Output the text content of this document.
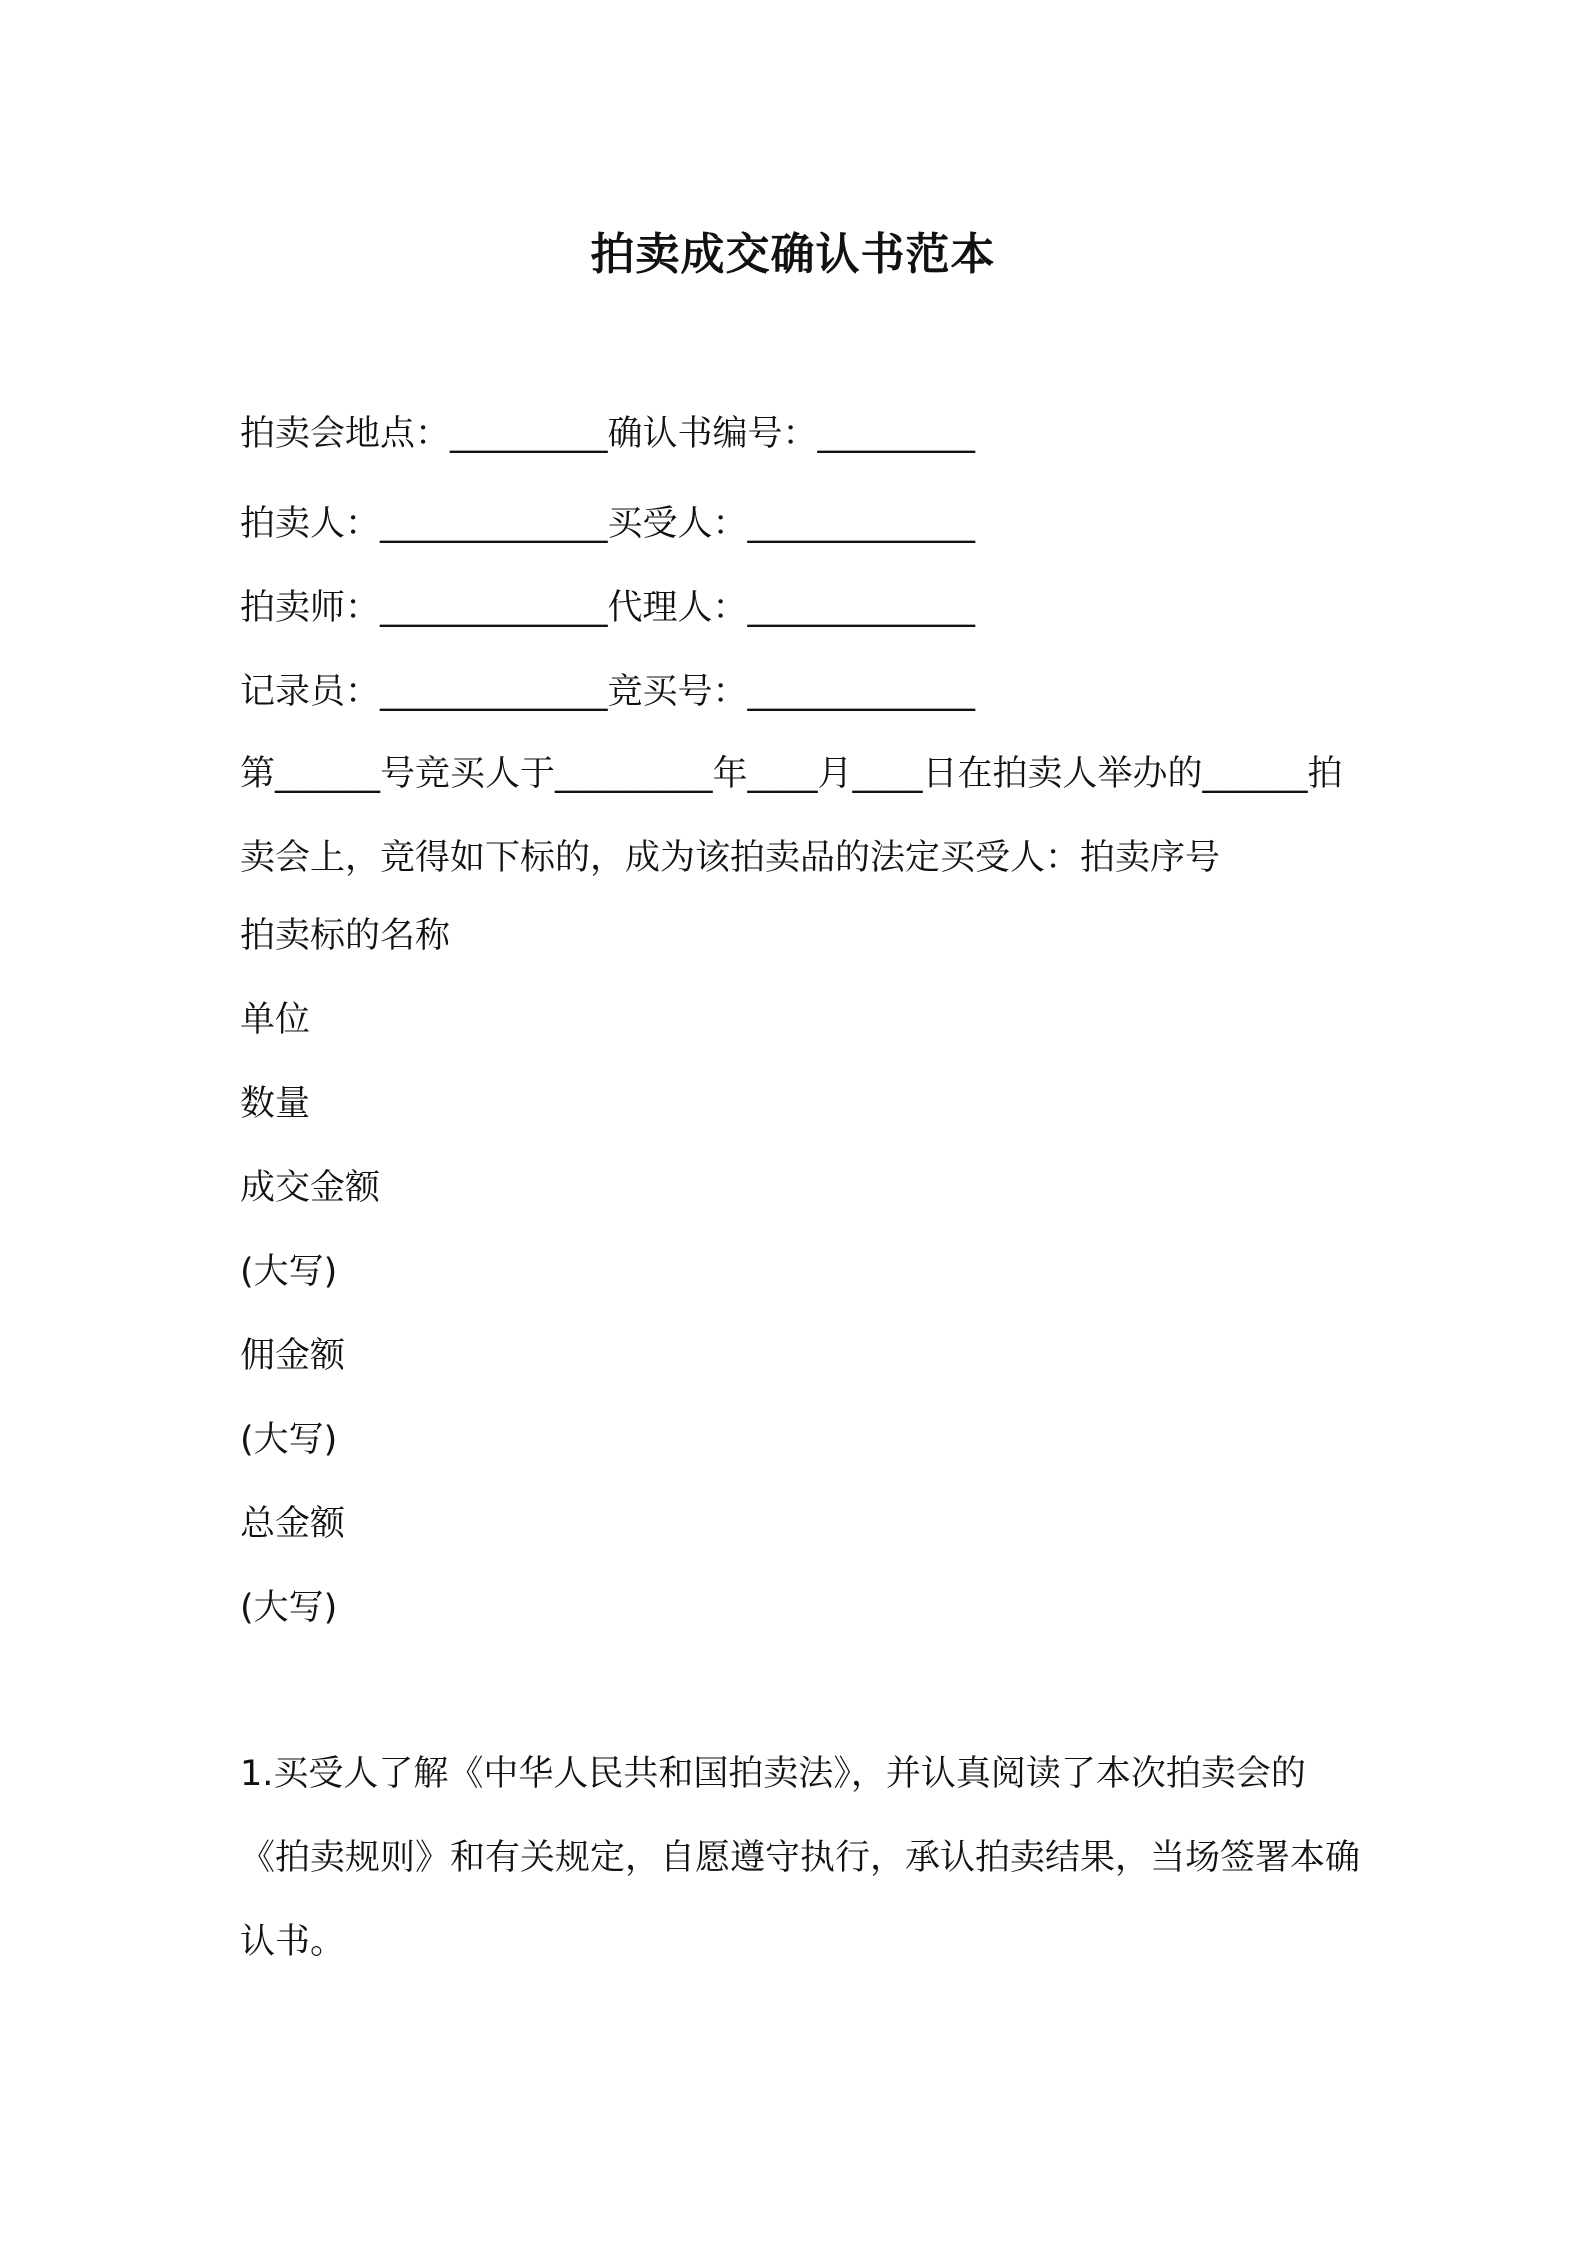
拍卖成交确认书范本
拍卖会地点：_________确认书编号：_________
拍卖人：_____________买受人：_____________
拍卖师：_____________代理人：_____________
记录员：_____________竞买号：_____________
第______号竞买人于_________年____月____日在拍卖人举办的______拍卖会上，竞得如下标的，成为该拍卖品的法定买受人：拍卖序号
拍卖标的名称
单位
数量
成交金额
(大写)
佣金额
(大写)
总金额
(大写)
1.买受人了解《中华人民共和国拍卖法》，并认真阅读了本次拍卖会的《拍卖规则》和有关规定，自愿遵守执行，承认拍卖结果，当场签署本确认书。
